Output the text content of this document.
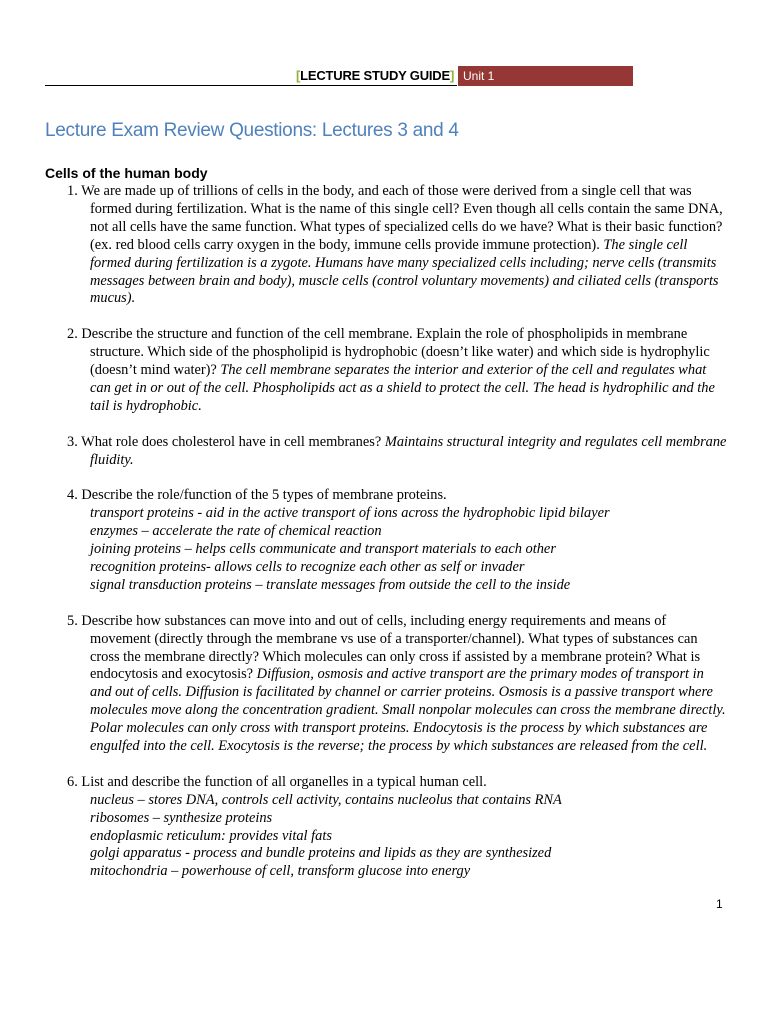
[LECTURE STUDY GUIDE] Unit 1
Lecture Exam Review Questions: Lectures 3 and 4
Cells of the human body
1. We are made up of trillions of cells in the body, and each of those were derived from a single cell that was formed during fertilization. What is the name of this single cell? Even though all cells contain the same DNA, not all cells have the same function. What types of specialized cells do we have? What is their basic function? (ex. red blood cells carry oxygen in the body, immune cells provide immune protection). The single cell formed during fertilization is a zygote. Humans have many specialized cells including; nerve cells (transmits messages between brain and body), muscle cells (control voluntary movements) and ciliated cells (transports mucus).
2. Describe the structure and function of the cell membrane. Explain the role of phospholipids in membrane structure. Which side of the phospholipid is hydrophobic (doesn’t like water) and which side is hydrophylic (doesn’t mind water)? The cell membrane separates the interior and exterior of the cell and regulates what can get in or out of the cell. Phospholipids act as a shield to protect the cell. The head is hydrophilic and the tail is hydrophobic.
3. What role does cholesterol have in cell membranes? Maintains structural integrity and regulates cell membrane fluidity.
4. Describe the role/function of the 5 types of membrane proteins.
transport proteins - aid in the active transport of ions across the hydrophobic lipid bilayer
enzymes – accelerate the rate of chemical reaction
joining proteins – helps cells communicate and transport materials to each other
recognition proteins- allows cells to recognize each other as self or invader
signal transduction proteins – translate messages from outside the cell to the inside
5. Describe how substances can move into and out of cells, including energy requirements and means of movement (directly through the membrane vs use of a transporter/channel). What types of substances can cross the membrane directly? Which molecules can only cross if assisted by a membrane protein? What is endocytosis and exocytosis? Diffusion, osmosis and active transport are the primary modes of transport in and out of cells. Diffusion is facilitated by channel or carrier proteins. Osmosis is a passive transport where molecules move along the concentration gradient. Small nonpolar molecules can cross the membrane directly. Polar molecules can only cross with transport proteins. Endocytosis is the process by which substances are engulfed into the cell. Exocytosis is the reverse; the process by which substances are released from the cell.
6. List and describe the function of all organelles in a typical human cell.
nucleus – stores DNA, controls cell activity, contains nucleolus that contains RNA
ribosomes – synthesize proteins
endoplasmic reticulum: provides vital fats
golgi apparatus - process and bundle proteins and lipids as they are synthesized
mitochondria – powerhouse of cell, transform glucose into energy
1
